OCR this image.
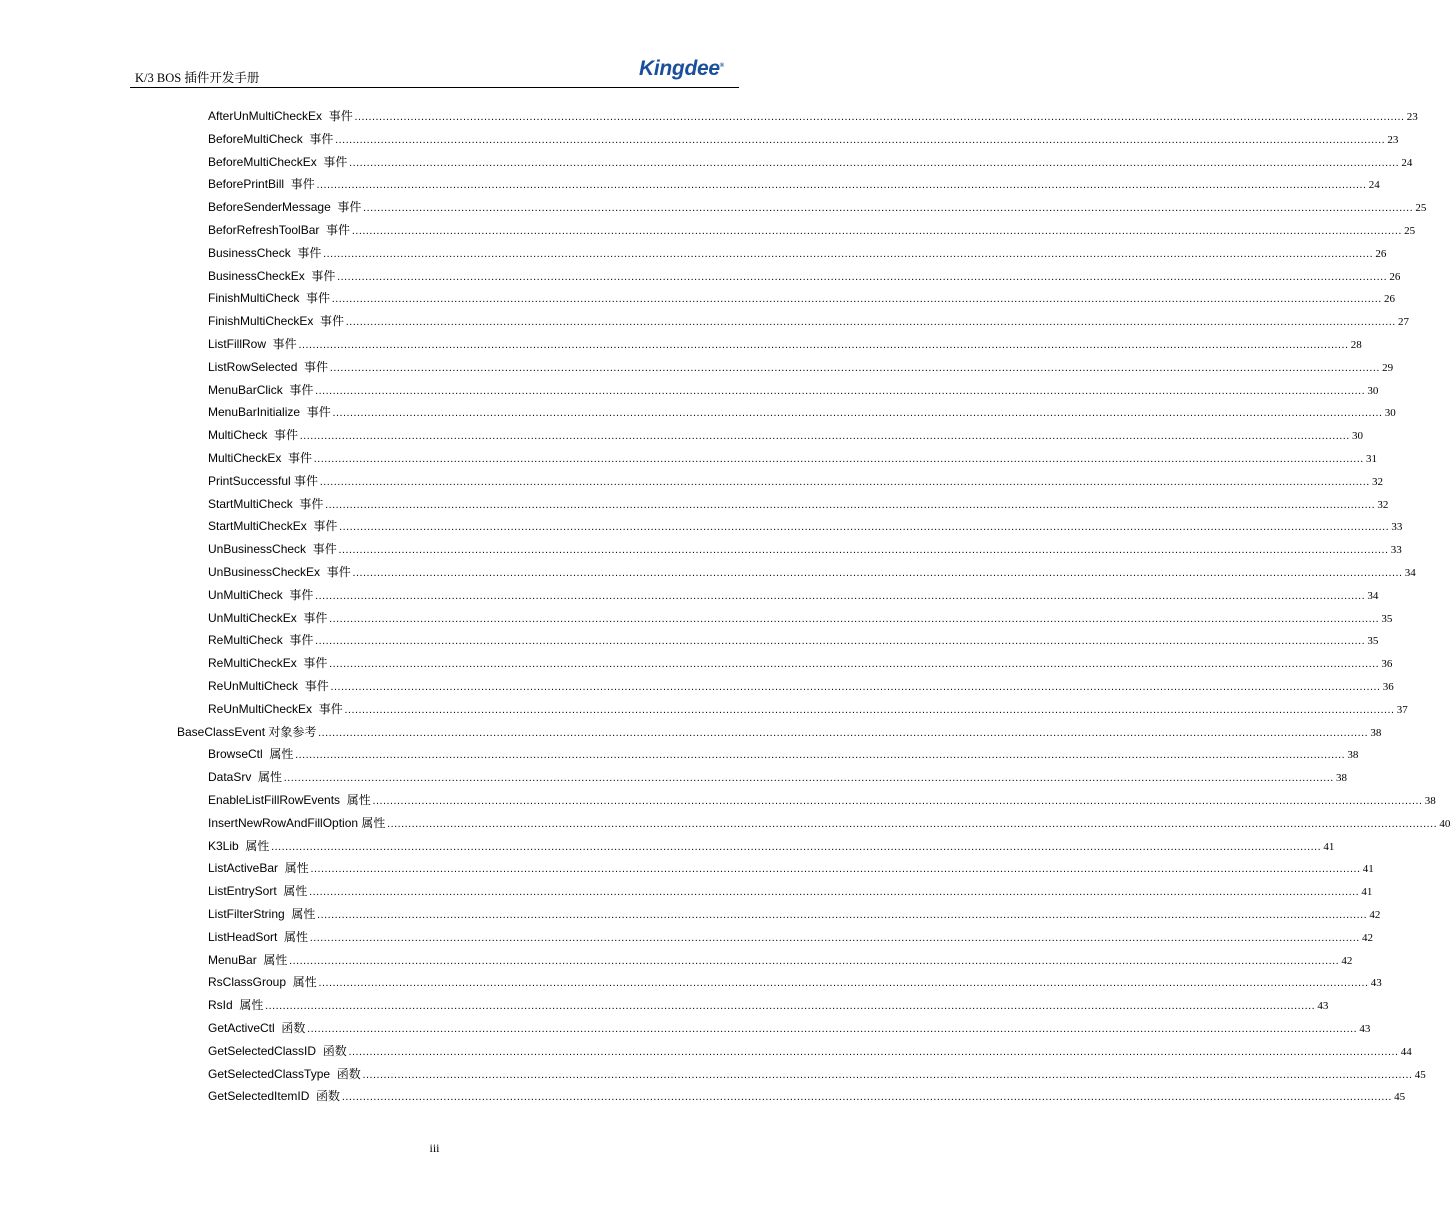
K/3 BOS 插件开发手册	Kingdee®
AfterUnMultiCheckEx  事件 ............................................................................................................................................................................................................................................................................................................ 23
BeforeMultiCheck  事件 ............................................................................................................................................................................................................................................................................................................ 23
BeforeMultiCheckEx  事件 ............................................................................................................................................................................................................................................................................................................ 24
BeforePrintBill  事件 ............................................................................................................................................................................................................................................................................................................ 24
BeforeSenderMessage  事件 ............................................................................................................................................................................................................................................................................................................ 25
BeforRefreshToolBar  事件 ............................................................................................................................................................................................................................................................................................................ 25
BusinessCheck  事件 ............................................................................................................................................................................................................................................................................................................ 26
BusinessCheckEx  事件 ............................................................................................................................................................................................................................................................................................................ 26
FinishMultiCheck  事件 ............................................................................................................................................................................................................................................................................................................ 26
FinishMultiCheckEx  事件 ............................................................................................................................................................................................................................................................................................................ 27
ListFillRow  事件 ............................................................................................................................................................................................................................................................................................................ 28
ListRowSelected  事件 ............................................................................................................................................................................................................................................................................................................ 29
MenuBarClick  事件 ............................................................................................................................................................................................................................................................................................................ 30
MenuBarInitialize  事件 ............................................................................................................................................................................................................................................................................................................ 30
MultiCheck  事件 ............................................................................................................................................................................................................................................................................................................ 30
MultiCheckEx  事件 ............................................................................................................................................................................................................................................................................................................ 31
PrintSuccessful 事件 ............................................................................................................................................................................................................................................................................................................ 32
StartMultiCheck  事件 ............................................................................................................................................................................................................................................................................................................ 32
StartMultiCheckEx  事件 ............................................................................................................................................................................................................................................................................................................ 33
UnBusinessCheck  事件 ............................................................................................................................................................................................................................................................................................................ 33
UnBusinessCheckEx  事件 ............................................................................................................................................................................................................................................................................................................ 34
UnMultiCheck  事件 ............................................................................................................................................................................................................................................................................................................ 34
UnMultiCheckEx  事件 ............................................................................................................................................................................................................................................................................................................ 35
ReMultiCheck  事件 ............................................................................................................................................................................................................................................................................................................ 35
ReMultiCheckEx  事件 ............................................................................................................................................................................................................................................................................................................ 36
ReUnMultiCheck  事件 ............................................................................................................................................................................................................................................................................................................ 36
ReUnMultiCheckEx  事件 ............................................................................................................................................................................................................................................................................................................ 37
BaseClassEvent 对象参考 ............................................................................................................................................................................................................................................................................................................ 38
BrowseCtl  属性 ............................................................................................................................................................................................................................................................................................................ 38
DataSrv  属性 ............................................................................................................................................................................................................................................................................................................ 38
EnableListFillRowEvents  属性 ............................................................................................................................................................................................................................................................................................................ 38
InsertNewRowAndFillOption 属性 ............................................................................................................................................................................................................................................................................................................ 40
K3Lib  属性 ............................................................................................................................................................................................................................................................................................................ 41
ListActiveBar  属性 ............................................................................................................................................................................................................................................................................................................ 41
ListEntrySort  属性 ............................................................................................................................................................................................................................................................................................................ 41
ListFilterString  属性 ............................................................................................................................................................................................................................................................................................................ 42
ListHeadSort  属性 ............................................................................................................................................................................................................................................................................................................ 42
MenuBar  属性 ............................................................................................................................................................................................................................................................................................................ 42
RsClassGroup  属性 ............................................................................................................................................................................................................................................................................................................ 43
RsId  属性 ............................................................................................................................................................................................................................................................................................................ 43
GetActiveCtl  函数 ............................................................................................................................................................................................................................................................................................................ 43
GetSelectedClassID  函数 ............................................................................................................................................................................................................................................................................................................ 44
GetSelectedClassType  函数 ............................................................................................................................................................................................................................................................................................................ 45
GetSelectedItemID  函数 ............................................................................................................................................................................................................................................................................................................ 45
iii
